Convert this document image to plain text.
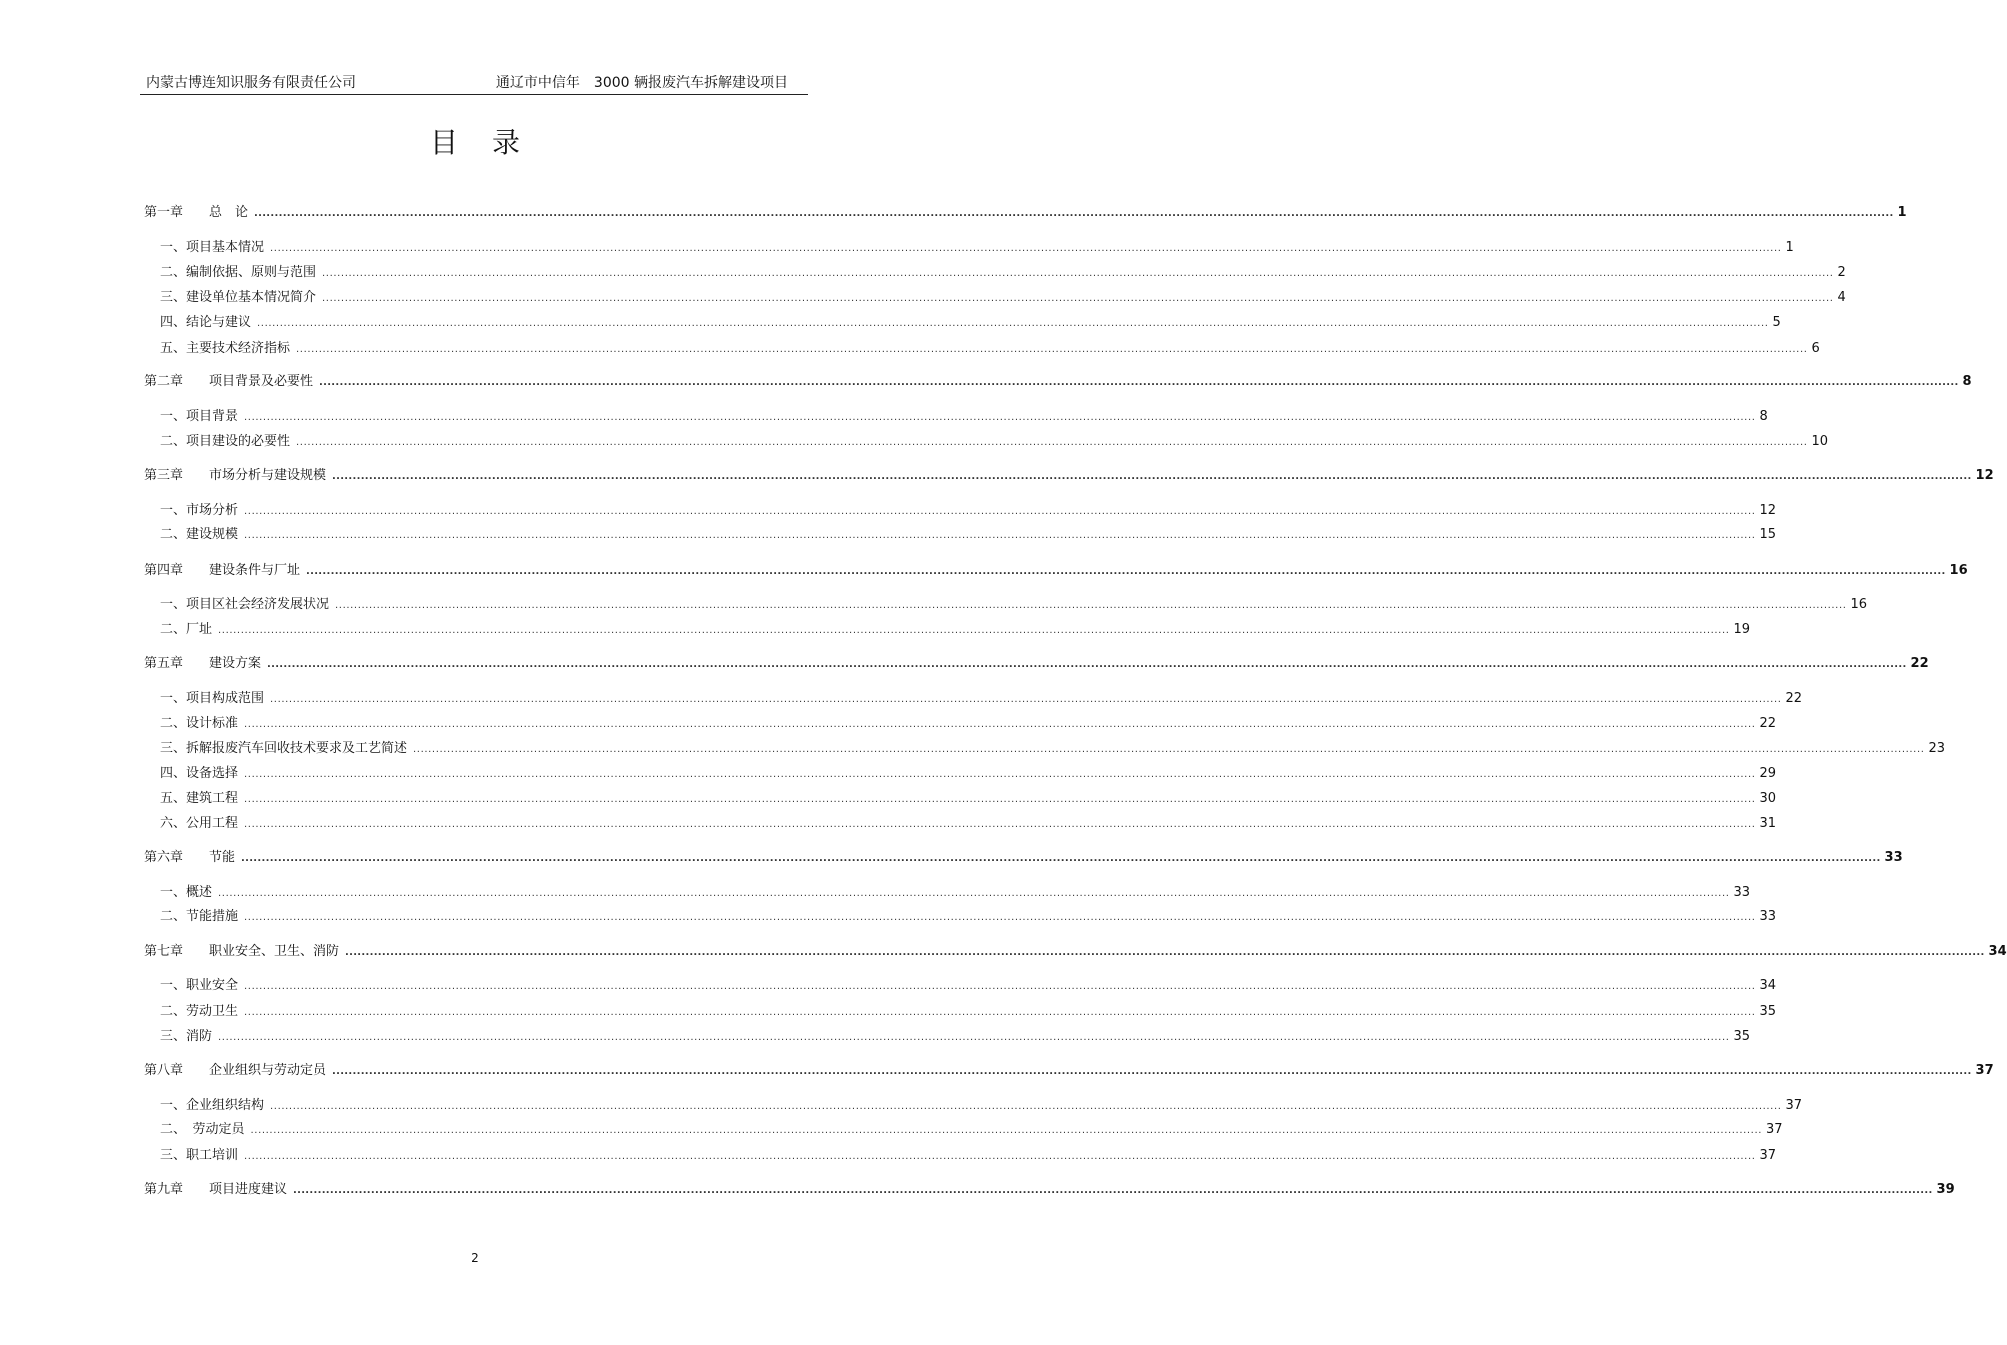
内蒙古博连知识服务有限责任公司	通辽市中信年　3000 辆报废汽车拆解建设项目
目录
第一章　　总　论 ................................................................................................................................................................................................................................................................................................................................................................................................................ 1
一、项目基本情况 ................................................................................................................................................................................................................................................................................................................................................................................................................ 1
二、编制依据、原则与范围 ................................................................................................................................................................................................................................................................................................................................................................................................................ 2
三、建设单位基本情况简介 ................................................................................................................................................................................................................................................................................................................................................................................................................ 4
四、结论与建议 ................................................................................................................................................................................................................................................................................................................................................................................................................ 5
五、主要技术经济指标 ................................................................................................................................................................................................................................................................................................................................................................................................................ 6
第二章　　项目背景及必要性 ................................................................................................................................................................................................................................................................................................................................................................................................................ 8
一、项目背景 ................................................................................................................................................................................................................................................................................................................................................................................................................ 8
二、项目建设的必要性 ................................................................................................................................................................................................................................................................................................................................................................................................................ 10
第三章　　市场分析与建设规模 ................................................................................................................................................................................................................................................................................................................................................................................................................ 12
一、市场分析 ................................................................................................................................................................................................................................................................................................................................................................................................................ 12
二、建设规模 ................................................................................................................................................................................................................................................................................................................................................................................................................ 15
第四章　　建设条件与厂址 ................................................................................................................................................................................................................................................................................................................................................................................................................ 16
一、项目区社会经济发展状况 ................................................................................................................................................................................................................................................................................................................................................................................................................ 16
二、厂址 ................................................................................................................................................................................................................................................................................................................................................................................................................ 19
第五章　　建设方案 ................................................................................................................................................................................................................................................................................................................................................................................................................ 22
一、项目构成范围 ................................................................................................................................................................................................................................................................................................................................................................................................................ 22
二、设计标准 ................................................................................................................................................................................................................................................................................................................................................................................................................ 22
三、拆解报废汽车回收技术要求及工艺简述 ................................................................................................................................................................................................................................................................................................................................................................................................................ 23
四、设备选择 ................................................................................................................................................................................................................................................................................................................................................................................................................ 29
五、建筑工程 ................................................................................................................................................................................................................................................................................................................................................................................................................ 30
六、公用工程 ................................................................................................................................................................................................................................................................................................................................................................................................................ 31
第六章　　节能 ................................................................................................................................................................................................................................................................................................................................................................................................................ 33
一、概述 ................................................................................................................................................................................................................................................................................................................................................................................................................ 33
二、节能措施 ................................................................................................................................................................................................................................................................................................................................................................................................................ 33
第七章　　职业安全、卫生、消防 ................................................................................................................................................................................................................................................................................................................................................................................................................ 34
一、职业安全 ................................................................................................................................................................................................................................................................................................................................................................................................................ 34
二、劳动卫生 ................................................................................................................................................................................................................................................................................................................................................................................................................ 35
三、消防 ................................................................................................................................................................................................................................................................................................................................................................................................................ 35
第八章　　企业组织与劳动定员 ................................................................................................................................................................................................................................................................................................................................................................................................................ 37
一、企业组织结构 ................................................................................................................................................................................................................................................................................................................................................................................................................ 37
二、　劳动定员 ................................................................................................................................................................................................................................................................................................................................................................................................................ 37
三、职工培训 ................................................................................................................................................................................................................................................................................................................................................................................................................ 37
第九章　　项目进度建议 ................................................................................................................................................................................................................................................................................................................................................................................................................ 39
2
